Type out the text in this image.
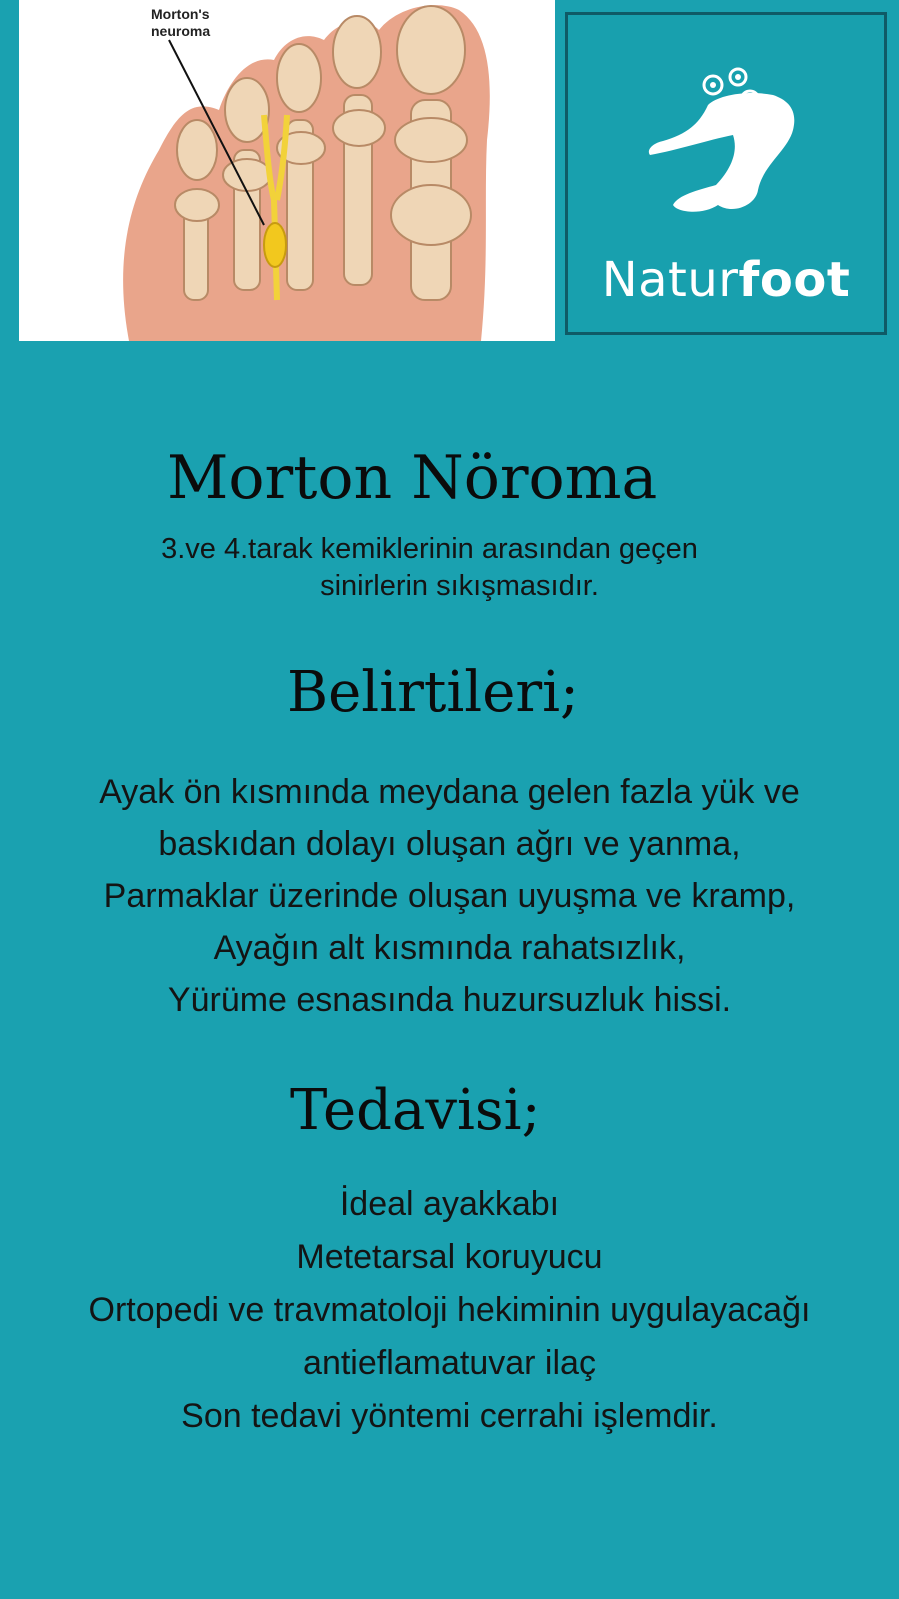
Morton's
neuroma
Naturfoot
Morton Nöroma
3.ve 4.tarak kemiklerinin arasından geçen
sinirlerin sıkışmasıdır.
Belirtileri;
Ayak ön kısmında meydana gelen fazla yük ve
baskıdan dolayı oluşan ağrı ve yanma,
Parmaklar üzerinde oluşan uyuşma ve kramp,
Ayağın alt kısmında rahatsızlık,
Yürüme esnasında huzursuzluk hissi.
Tedavisi;
İdeal ayakkabı
Metetarsal koruyucu
Ortopedi ve travmatoloji hekiminin uygulayacağı
antieflamatuvar ilaç
Son tedavi yöntemi cerrahi işlemdir.
